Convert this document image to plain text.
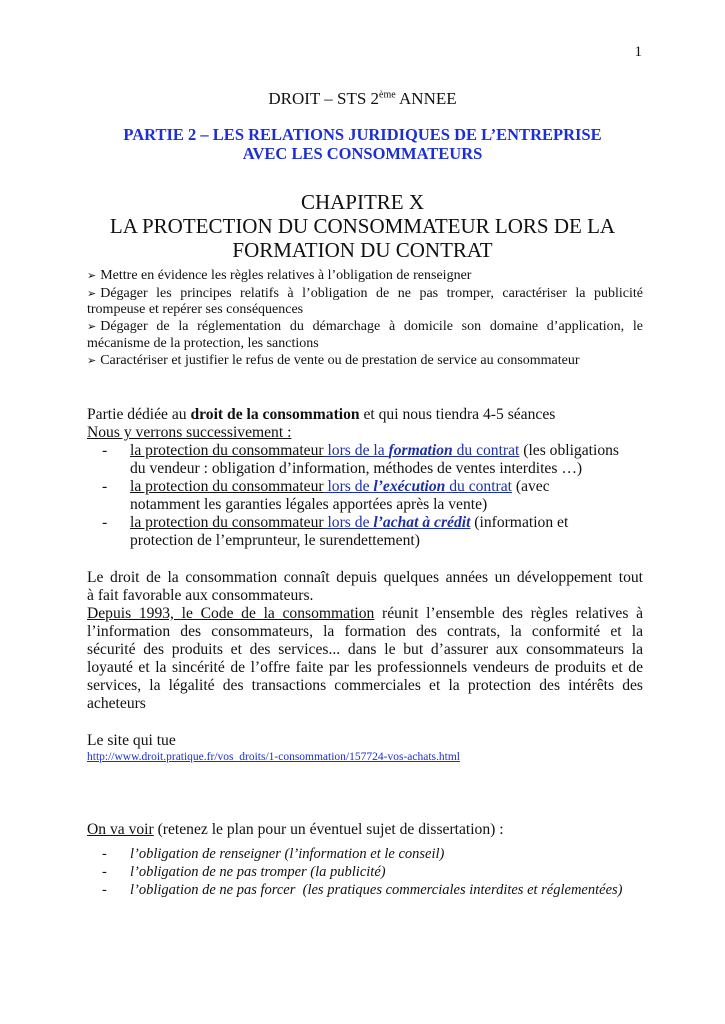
1
DROIT – STS 2ème ANNEE
PARTIE 2 – LES RELATIONS JURIDIQUES DE L’ENTREPRISE
AVEC LES CONSOMMATEURS
CHAPITRE X
LA PROTECTION DU CONSOMMATEUR LORS DE LA
FORMATION DU CONTRAT
➢ Mettre en évidence les règles relatives à l’obligation de renseigner
➢ Dégager les principes relatifs à l’obligation de ne pas tromper, caractériser la publicité
trompeuse et repérer ses conséquences
➢ Dégager de la réglementation du démarchage à domicile son domaine d’application, le
mécanisme de la protection, les sanctions
➢ Caractériser et justifier le refus de vente ou de prestation de service au consommateur
Partie dédiée au droit de la consommation et qui nous tiendra 4-5 séances
Nous y verrons successivement :
- la protection du consommateur lors de la formation du contrat (les obligations
du vendeur : obligation d’information, méthodes de ventes interdites …)
- la protection du consommateur lors de l’exécution du contrat (avec
notamment les garanties légales apportées après la vente)
- la protection du consommateur lors de l’achat à crédit (information et
protection de l’emprunteur, le surendettement)
Le droit de la consommation connaît depuis quelques années un développement tout
à fait favorable aux consommateurs.
Depuis 1993, le Code de la consommation réunit l’ensemble des règles relatives à
l’information des consommateurs, la formation des contrats, la conformité et la
sécurité des produits et des services... dans le but d’assurer aux consommateurs la
loyauté et la sincérité de l’offre faite par les professionnels vendeurs de produits et de
services, la légalité des transactions commerciales et la protection des intérêts des
acheteurs
Le site qui tue
http://www.droit.pratique.fr/vos_droits/1-consommation/157724-vos-achats.html
On va voir (retenez le plan pour un éventuel sujet de dissertation) :
- l’obligation de renseigner (l’information et le conseil)
- l’obligation de ne pas tromper (la publicité)
- l’obligation de ne pas forcer  (les pratiques commerciales interdites et réglementées)
